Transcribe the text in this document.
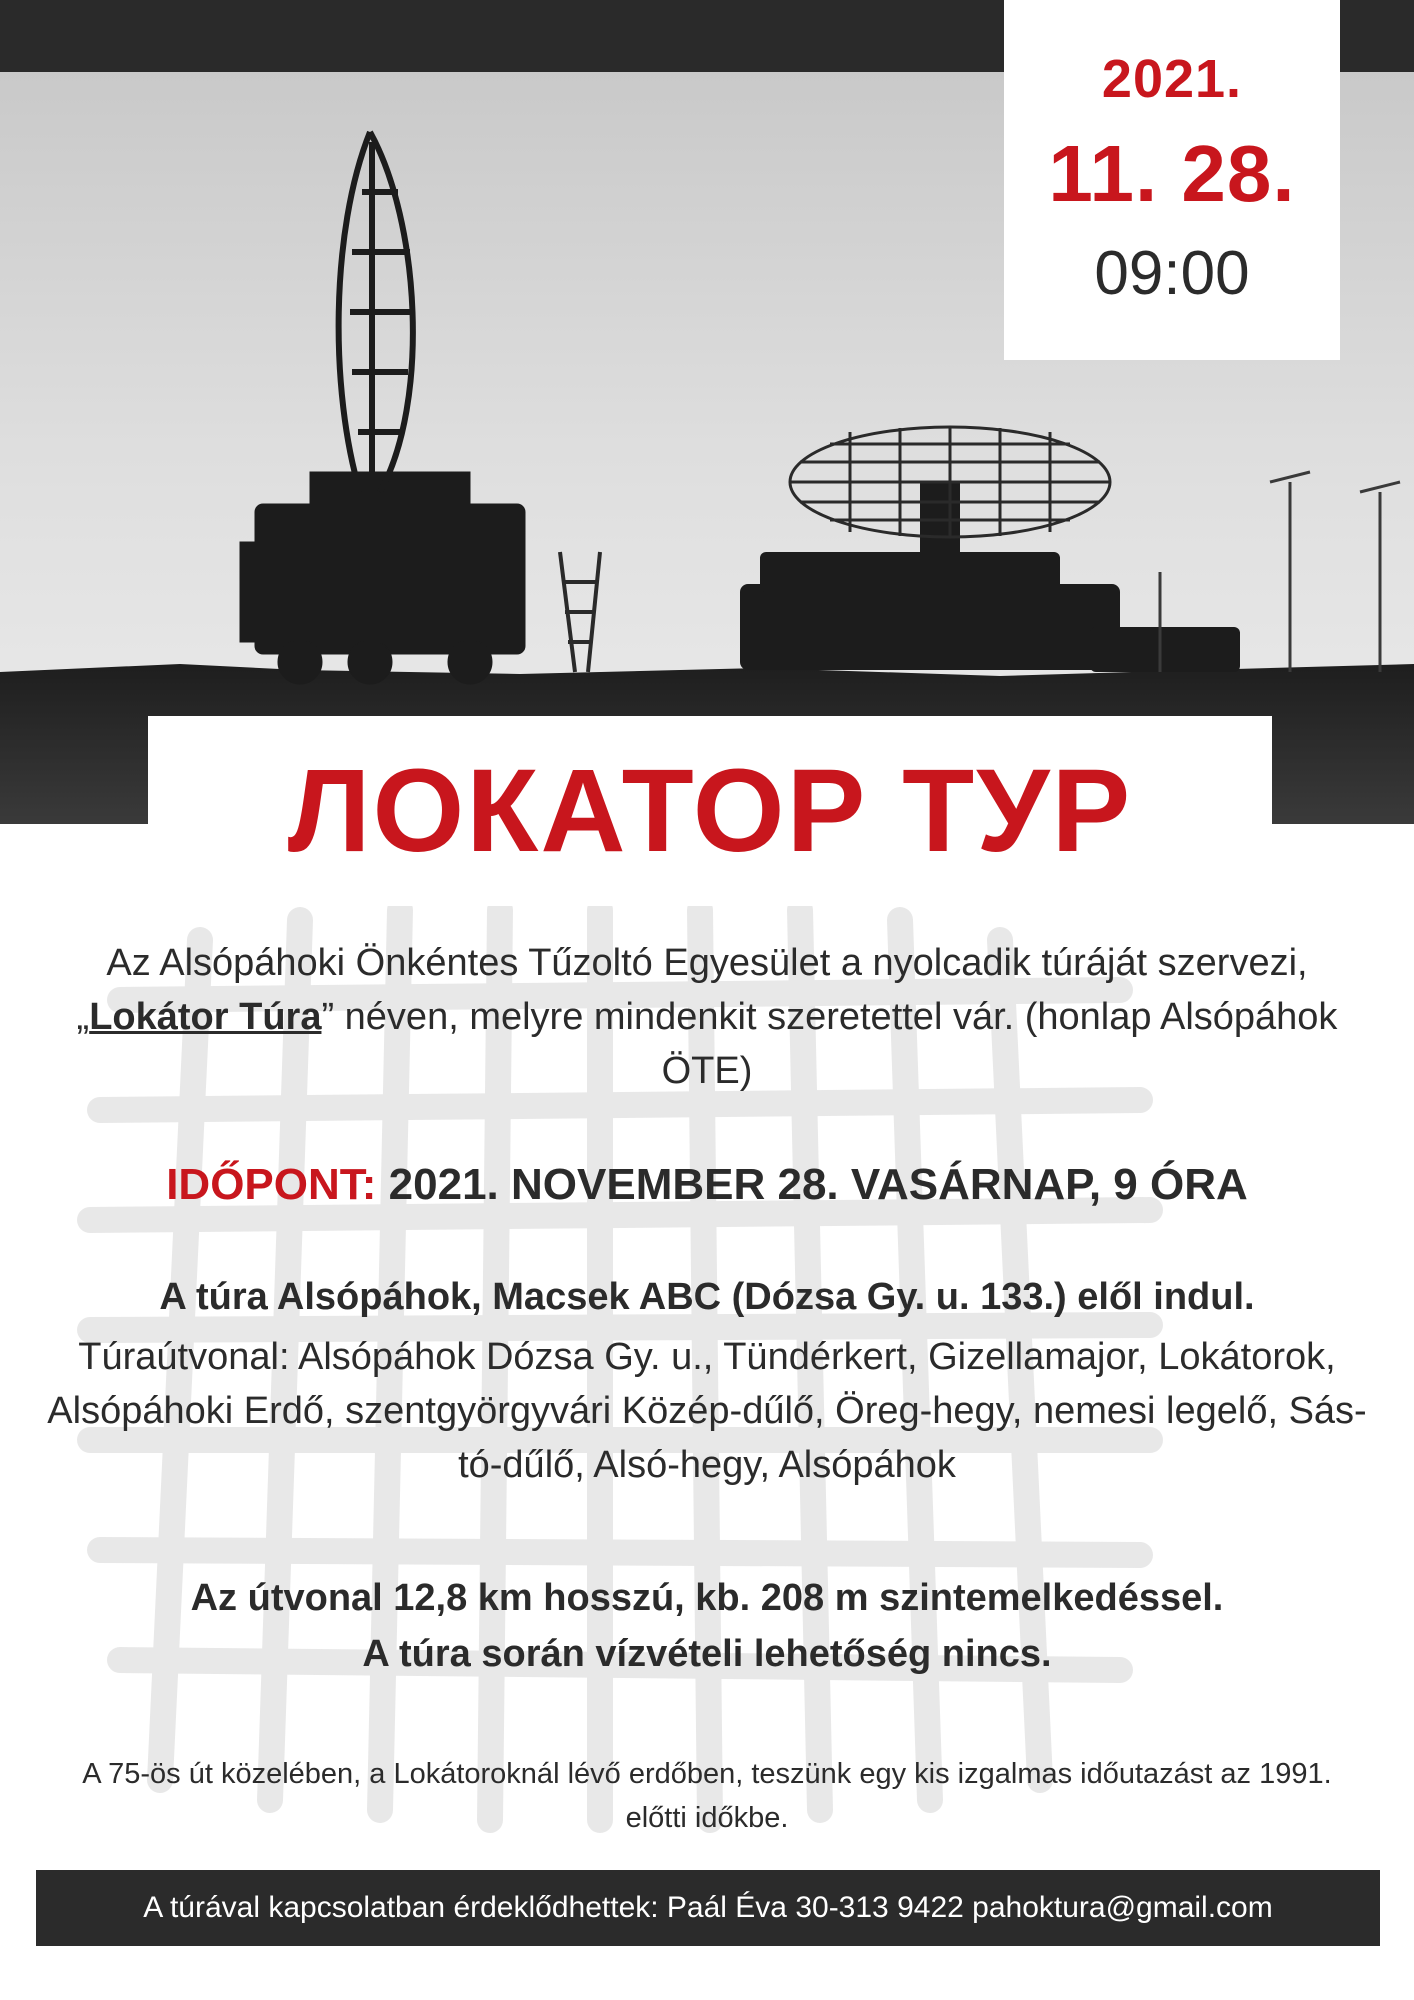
2021.
11. 28.
09:00
ЛОКАТОР ТУР
Az Alsópáhoki Önkéntes Tűzoltó Egyesület a nyolcadik túráját szervezi, „Lokátor Túra” néven, melyre mindenkit szeretettel vár. (honlap Alsópáhok ÖTE)
IDŐPONT: 2021. NOVEMBER 28. VASÁRNAP, 9 ÓRA
A túra Alsópáhok, Macsek ABC (Dózsa Gy. u. 133.) elől indul.
Túraútvonal: Alsópáhok Dózsa Gy. u., Tündérkert, Gizellamajor, Lokátorok, Alsópáhoki Erdő, szentgyörgyvári Közép-dűlő, Öreg-hegy, nemesi legelő, Sás-tó-dűlő, Alsó-hegy, Alsópáhok
Az útvonal 12,8 km hosszú, kb. 208 m szintemelkedéssel.
A túra során vízvételi lehetőség nincs.
A 75-ös út közelében, a Lokátoroknál lévő erdőben, teszünk egy kis izgalmas időutazást az 1991. előtti időkbe.
A túrával kapcsolatban érdeklődhettek: Paál Éva 30-313 9422 pahoktura@gmail.com
